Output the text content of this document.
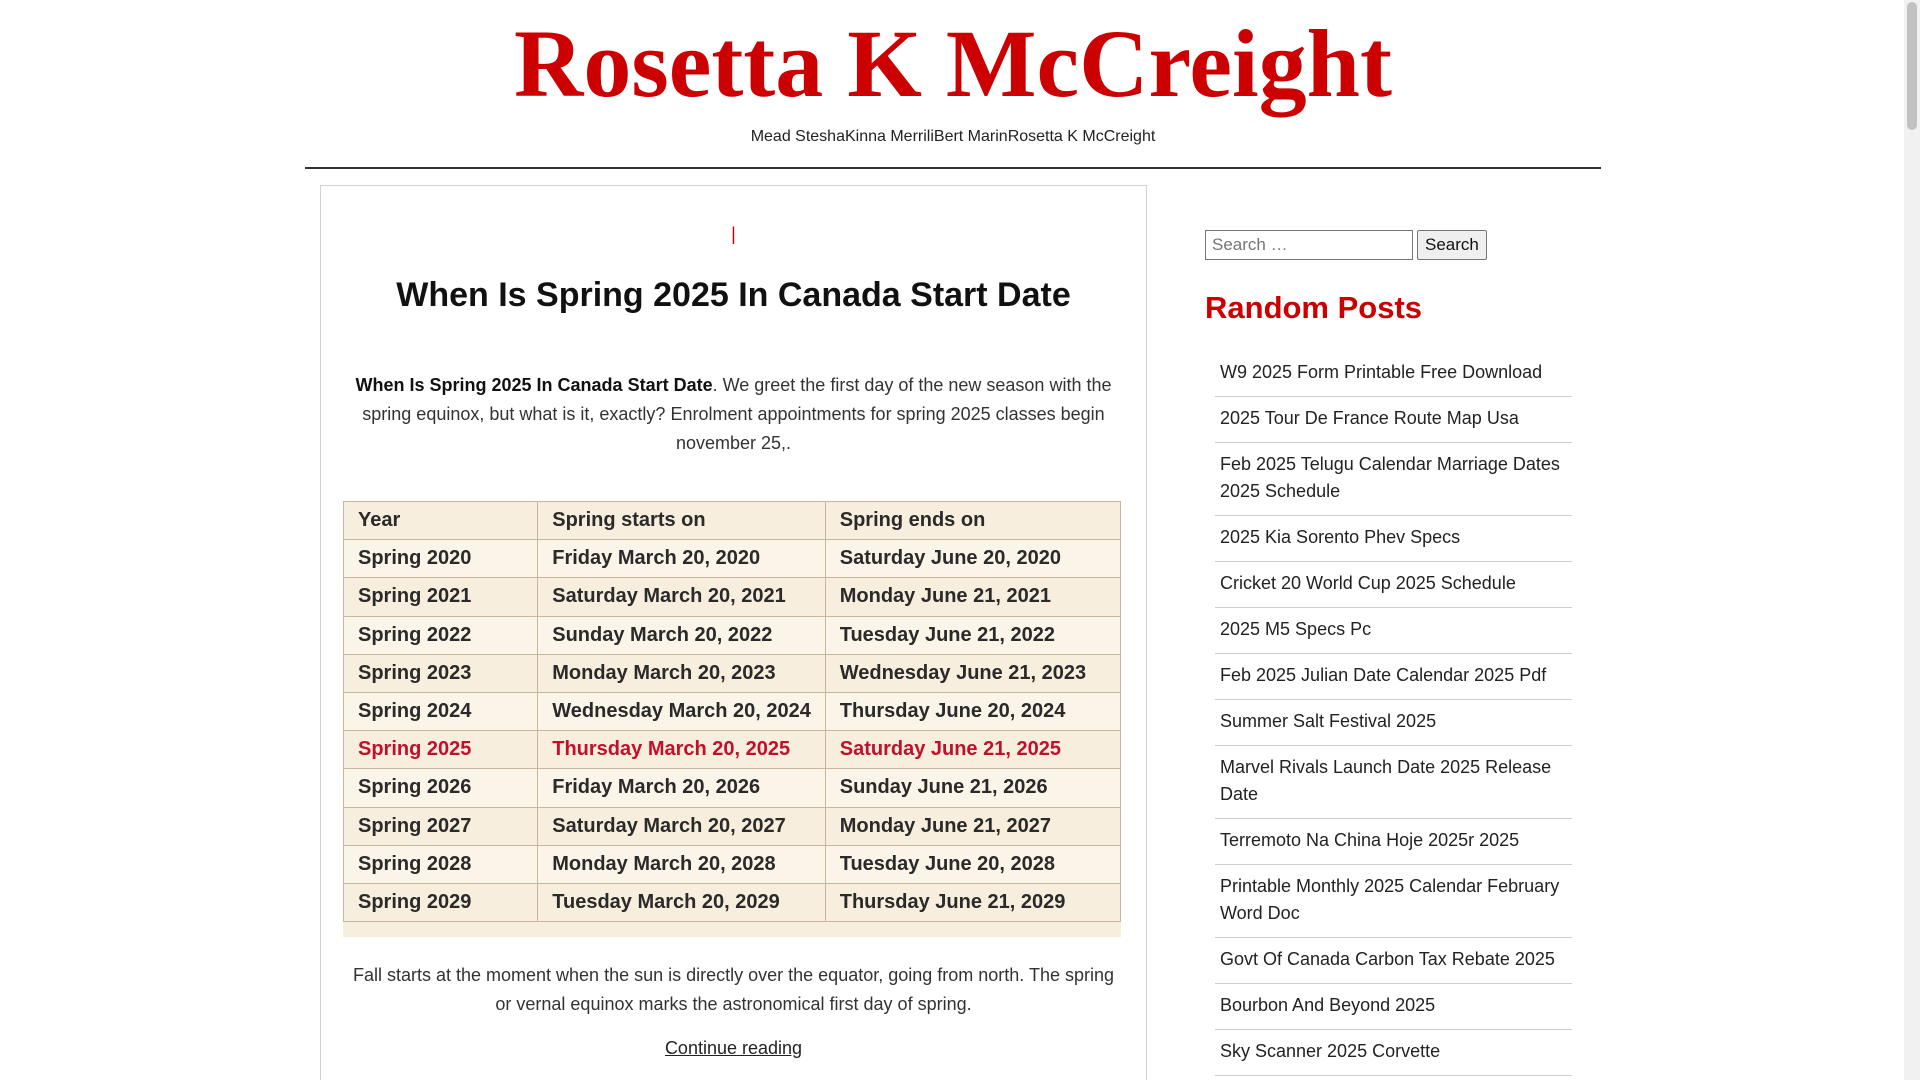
Rosetta K McCreight
Mead SteshaKinna MerriliBert MarinRosetta K McCreight
|
When Is Spring 2025 In Canada Start Date

When Is Spring 2025 In Canada Start Date. We greet the first day of the new season with the spring equinox, but what is it, exactly? Enrolment appointments for spring 2025 classes begin november 25,.

Year	Spring starts on	Spring ends on
Spring 2020	Friday March 20, 2020	Saturday June 20, 2020
Spring 2021	Saturday March 20, 2021	Monday June 21, 2021
Spring 2022	Sunday March 20, 2022	Tuesday June 21, 2022
Spring 2023	Monday March 20, 2023	Wednesday June 21, 2023
Spring 2024	Wednesday March 20, 2024	Thursday June 20, 2024
Spring 2025	Thursday March 20, 2025	Saturday June 21, 2025
Spring 2026	Friday March 20, 2026	Sunday June 21, 2026
Spring 2027	Saturday March 20, 2027	Monday June 21, 2027
Spring 2028	Monday March 20, 2028	Tuesday June 20, 2028
Spring 2029	Tuesday March 20, 2029	Thursday June 21, 2029

Fall starts at the moment when the sun is directly over the equator, going from north. The spring or vernal equinox marks the astronomical first day of spring.

Continue reading
Search …
Search
Random Posts
W9 2025 Form Printable Free Download
2025 Tour De France Route Map Usa
Feb 2025 Telugu Calendar Marriage Dates 2025 Schedule
2025 Kia Sorento Phev Specs
Cricket 20 World Cup 2025 Schedule
2025 M5 Specs Pc
Feb 2025 Julian Date Calendar 2025 Pdf
Summer Salt Festival 2025
Marvel Rivals Launch Date 2025 Release Date
Terremoto Na China Hoje 2025r 2025
Printable Monthly 2025 Calendar February Word Doc
Govt Of Canada Carbon Tax Rebate 2025
Bourbon And Beyond 2025
Sky Scanner 2025 Corvette
